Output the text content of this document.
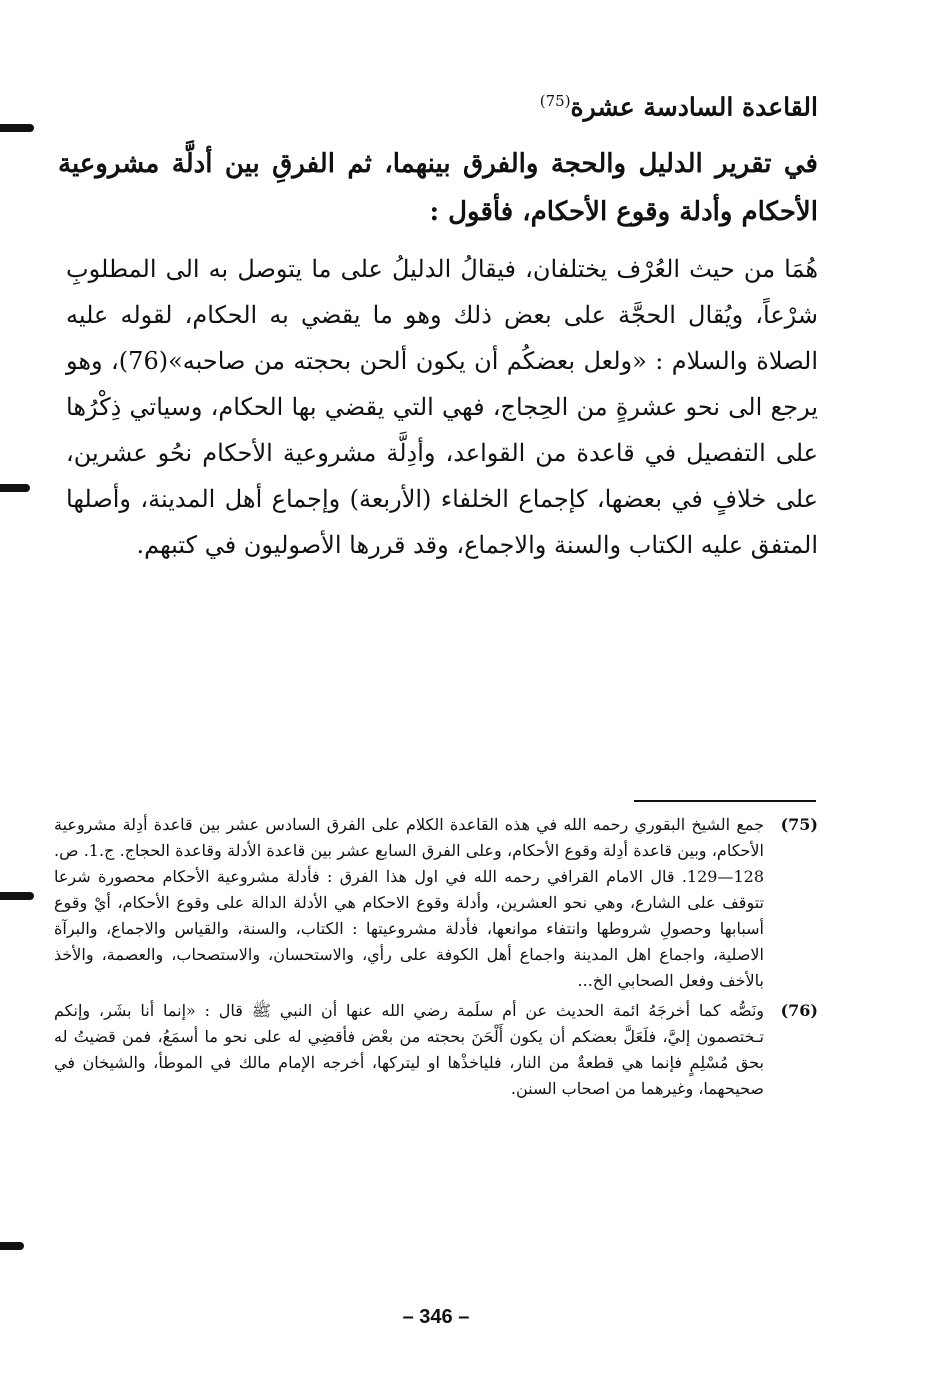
القاعدة السادسة عشرة$^{(75)}$
في تقرير الدليل والحجة والفرق بينهما، ثم الفرقِ بين أدلَّة مشروعية الأحكام وأدلة وقوع الأحكام، فأقول :
هُمَا من حيث العُرْف يختلفان، فيقالُ الدليلُ على ما يتوصل به الى المطلوبِ شرْعاً، ويُقال الحجَّة على بعض ذلك وهو ما يقضي به الحكام، لقوله عليه الصلاة والسلام : «ولعل بعضكُم أن يكون ألحن بحجته من صاحبه»(76)، وهو يرجع الى نحو عشرةٍ من الحِجاج، فهي التي يقضي بها الحكام، وسياتي ذِكْرُها على التفصيل في قاعدة من القواعد، وأدِلَّة مشروعية الأحكام نحُو عشرين، على خلافٍ في بعضها، كإجماع الخلفاء (الأربعة) وإجماع أهل المدينة، وأصلها المتفق عليه الكتاب والسنة والاجماع، وقد قررها الأصوليون في كتبهم.
(75)
جمع الشيخ البقوري رحمه الله في هذه القاعدة الكلام على الفرق السادس عشر بين قاعدة أدِلة مشروعية الأحكام، وبين قاعدة أدِلة وقوع الأحكام، وعلى الفرق السابع عشر بين قاعدة الأدلة وقاعدة الحجاج. ج.1. ص. 128—129. قال الامام القرافي رحمه الله في اول هذا الفرق : فأدلة مشروعية الأحكام محصورة شرعا تتوقف على الشارع، وهي نحو العشرين، وأدلة وقوع الاحكام هي الأدلة الدالة على وقوع الأحكام، أيْ وقوع أسبابها وحصولِ شروطها وانتفاء موانعها، فأدلة مشروعيتها : الكتاب، والسنة، والقياس والاجماع، والبرآة الاصلية، واجماع اهل المدينة واجماع أهل الكوفة على رأي، والاستحسان، والاستصحاب، والعصمة، والأخذ بالأخف وفعل الصحابي الخ...
(76)
ونَصُّه كما أخرجَهُ ائمة الحديث عن أم سلَمة رضي الله عنها أن النبي ﷺ قال : «إنما أنا بشَر، وإنكم تـختصمون إليَّ، فلَعَلَّ بعضكم أن يكون أَلْحَنَ بحجته من بعْض فأقضِي له على نحو ما أسمَعُ، فمن قضيتُ له بحق مُسْلِمٍ فإنما هي قطعةٌ من النار، فلياخذْها او ليتركها، أخرجه الإمام مالك في الموطأ، والشيخان في صحيحهما، وغيرهما من اصحاب السنن.
– 346 –
